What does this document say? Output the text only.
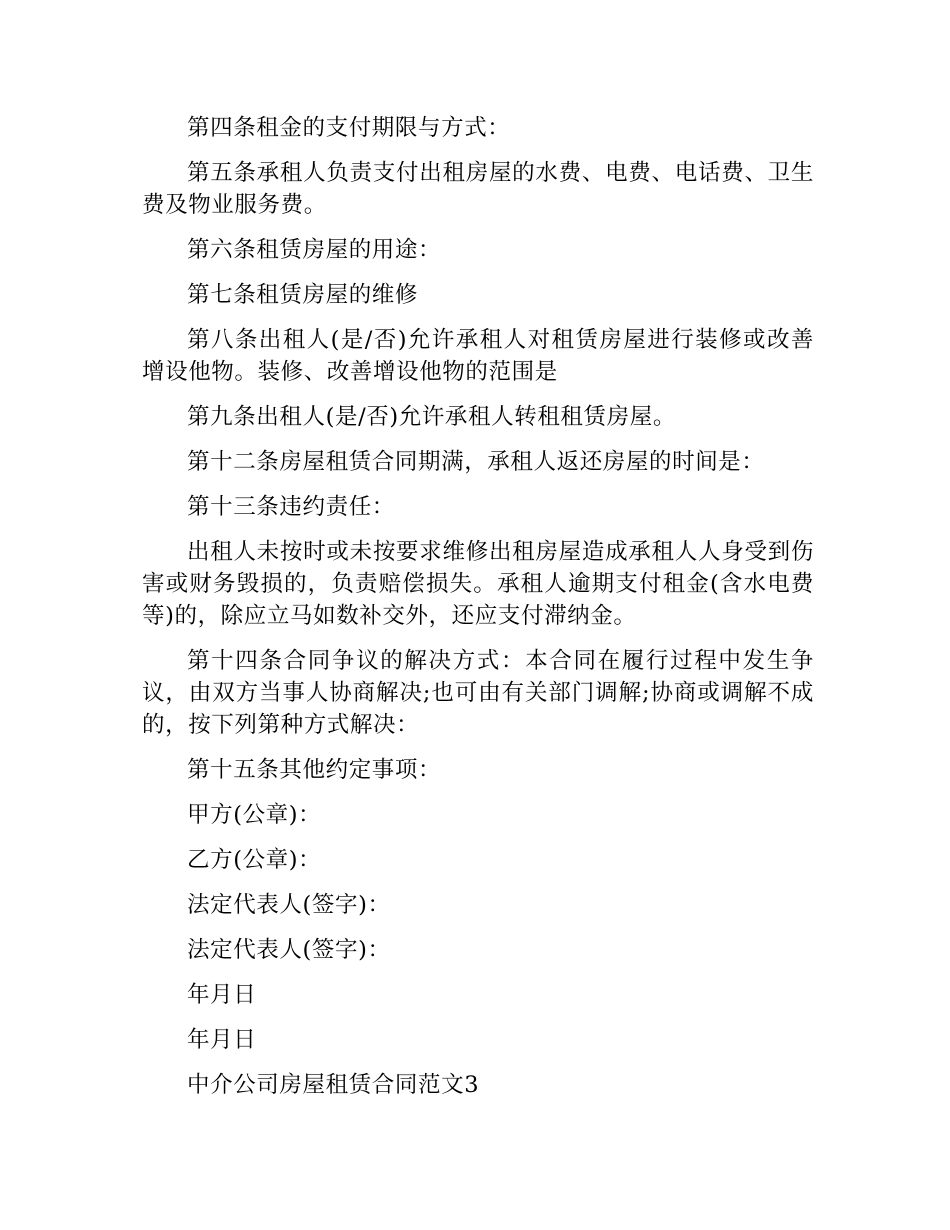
第四条租金的支付期限与方式：

第五条承租人负责支付出租房屋的水费、电费、电话费、卫生费及物业服务费。

第六条租赁房屋的用途：

第七条租赁房屋的维修

第八条出租人(是/否)允许承租人对租赁房屋进行装修或改善增设他物。装修、改善增设他物的范围是

第九条出租人(是/否)允许承租人转租租赁房屋。

第十二条房屋租赁合同期满，承租人返还房屋的时间是：

第十三条违约责任：

出租人未按时或未按要求维修出租房屋造成承租人人身受到伤害或财务毁损的，负责赔偿损失。承租人逾期支付租金(含水电费等)的，除应立马如数补交外，还应支付滞纳金。

第十四条合同争议的解决方式：本合同在履行过程中发生争议，由双方当事人协商解决;也可由有关部门调解;协商或调解不成的，按下列第种方式解决：

第十五条其他约定事项：

甲方(公章)：

乙方(公章)：

法定代表人(签字)：

法定代表人(签字)：

年月日

年月日

中介公司房屋租赁合同范文3
